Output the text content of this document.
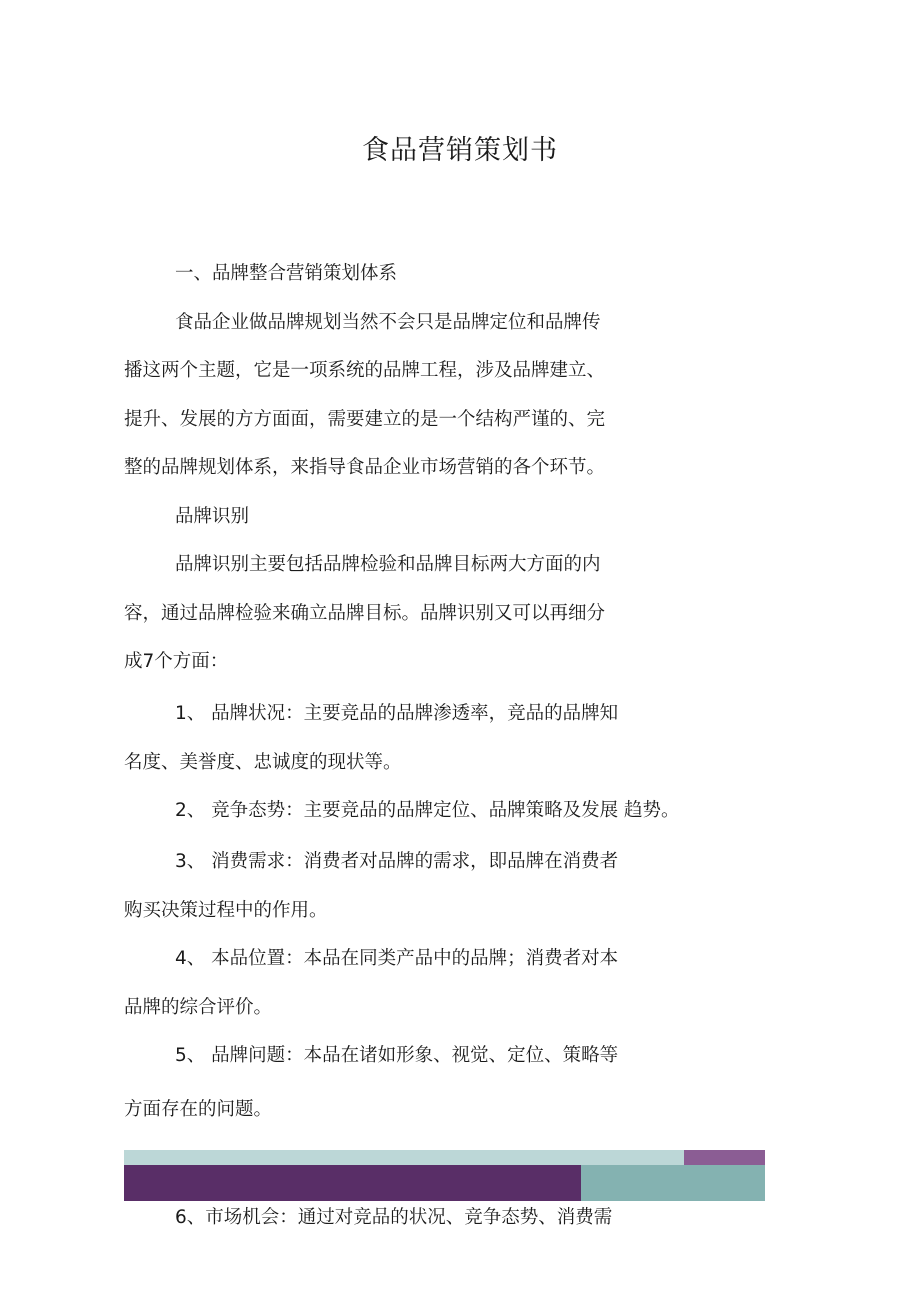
食品营销策划书
一、品牌整合营销策划体系
食品企业做品牌规划当然不会只是品牌定位和品牌传
播这两个主题，它是一项系统的品牌工程，涉及品牌建立、
提升、发展的方方面面，需要建立的是一个结构严谨的、完
整的品牌规划体系，来指导食品企业市场营销的各个环节。
品牌识别
品牌识别主要包括品牌检验和品牌目标两大方面的内
容，通过品牌检验来确立品牌目标。品牌识别又可以再细分
成7个方面：
1、 品牌状况：主要竞品的品牌渗透率，竞品的品牌知
名度、美誉度、忠诚度的现状等。
2、 竞争态势：主要竞品的品牌定位、品牌策略及发展 趋势。
3、 消费需求：消费者对品牌的需求，即品牌在消费者
购买决策过程中的作用。
4、 本品位置：本品在同类产品中的品牌；消费者对本
品牌的综合评价。
5、 品牌问题：本品在诸如形象、视觉、定位、策略等
方面存在的问题。
6、市场机会：通过对竞品的状况、竞争态势、消费需
